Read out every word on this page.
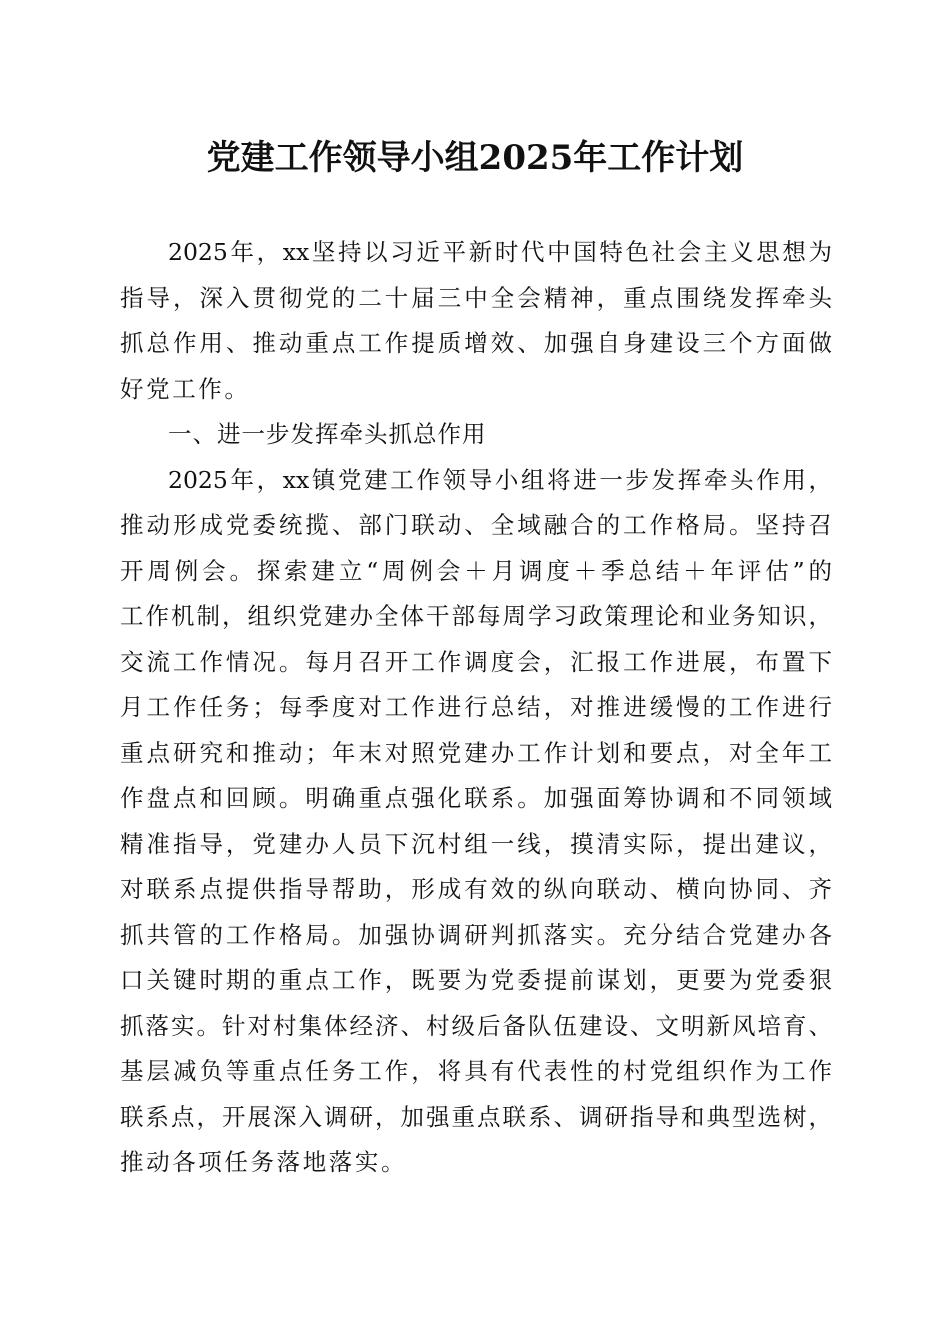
党建工作领导小组2025年工作计划
2025年，xx坚持以习近平新时代中国特色社会主义思想为
指导，深入贯彻党的二十届三中全会精神，重点围绕发挥牵头
抓总作用、推动重点工作提质增效、加强自身建设三个方面做
好党工作。
一、进一步发挥牵头抓总作用
2025年，xx镇党建工作领导小组将进一步发挥牵头作用，
推动形成党委统揽、部门联动、全域融合的工作格局。坚持召
开周例会。探索建立“周例会＋月调度＋季总结＋年评估”的
工作机制，组织党建办全体干部每周学习政策理论和业务知识，
交流工作情况。每月召开工作调度会，汇报工作进展，布置下
月工作任务；每季度对工作进行总结，对推进缓慢的工作进行
重点研究和推动；年末对照党建办工作计划和要点，对全年工
作盘点和回顾。明确重点强化联系。加强面筹协调和不同领域
精准指导，党建办人员下沉村组一线，摸清实际，提出建议，
对联系点提供指导帮助，形成有效的纵向联动、横向协同、齐
抓共管的工作格局。加强协调研判抓落实。充分结合党建办各
口关键时期的重点工作，既要为党委提前谋划，更要为党委狠
抓落实。针对村集体经济、村级后备队伍建设、文明新风培育、
基层减负等重点任务工作，将具有代表性的村党组织作为工作
联系点，开展深入调研，加强重点联系、调研指导和典型选树，
推动各项任务落地落实。
